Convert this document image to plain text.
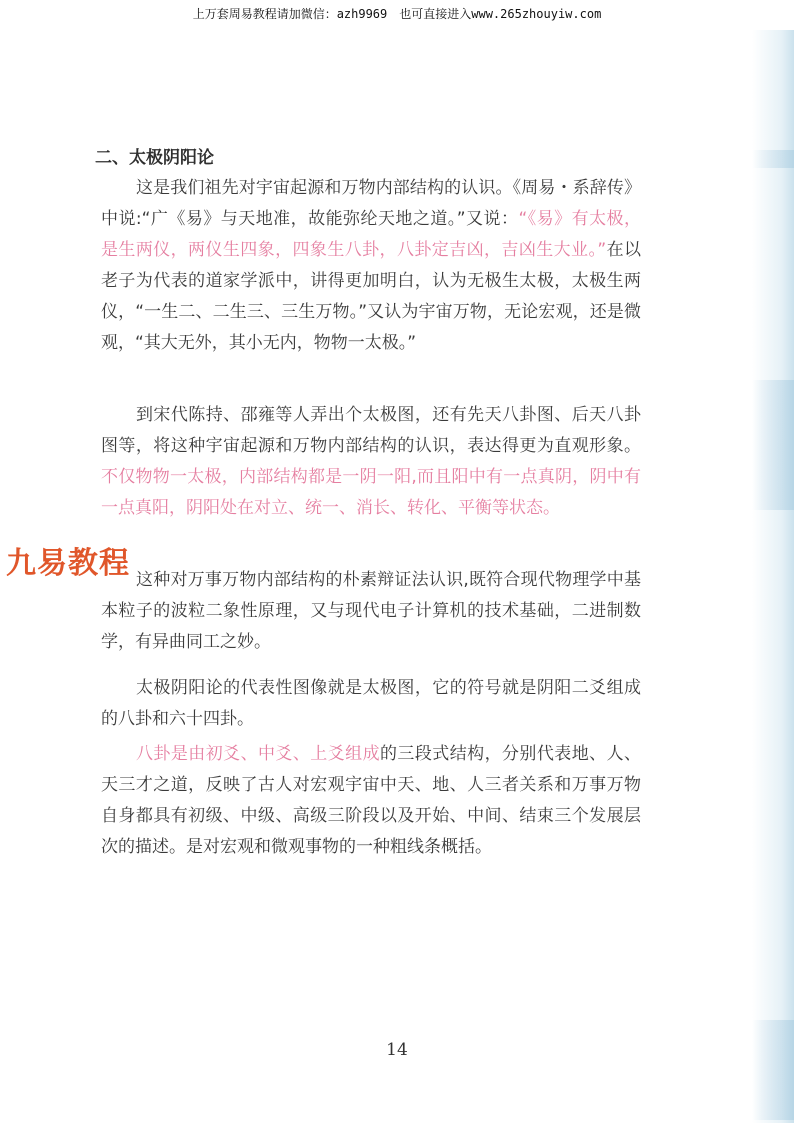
上万套周易教程请加微信：azh9969　也可直接进入www.265zhouyiw.com
二、太极阴阳论
这是我们祖先对宇宙起源和万物内部结构的认识。《周易・系辞传》中说:“广《易》与天地准，故能弥纶天地之道。”又说：“《易》有太极，是生两仪，两仪生四象，四象生八卦，八卦定吉凶，吉凶生大业。”在以老子为代表的道家学派中，讲得更加明白，认为无极生太极，太极生两仪，“一生二、二生三、三生万物。”又认为宇宙万物，无论宏观，还是微观，“其大无外，其小无内，物物一太极。”
到宋代陈持、邵雍等人弄出个太极图，还有先天八卦图、后天八卦图等，将这种宇宙起源和万物内部结构的认识，表达得更为直观形象。不仅物物一太极，内部结构都是一阴一阳,而且阳中有一点真阴，阴中有一点真阳，阴阳处在对立、统一、消长、转化、平衡等状态。
这种对万事万物内部结构的朴素辩证法认识,既符合现代物理学中基本粒子的波粒二象性原理，又与现代电子计算机的技术基础，二进制数学，有异曲同工之妙。
太极阴阳论的代表性图像就是太极图，它的符号就是阴阳二爻组成的八卦和六十四卦。
八卦是由初爻、中爻、上爻组成的三段式结构，分别代表地、人、天三才之道，反映了古人对宏观宇宙中天、地、人三者关系和万事万物自身都具有初级、中级、高级三阶段以及开始、中间、结束三个发展层次的描述。是对宏观和微观事物的一种粗线条概括。
九易教程
14
